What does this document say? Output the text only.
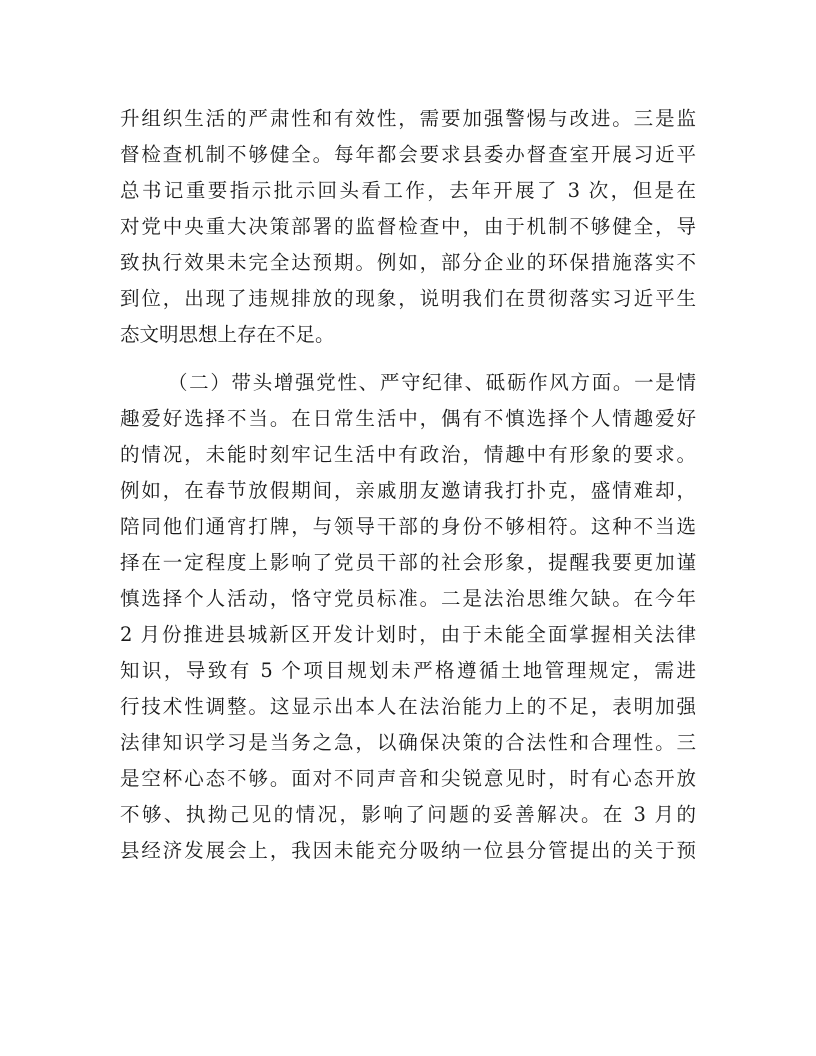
升组织生活的严肃性和有效性，需要加强警惕与改进。三是监
督检查机制不够健全。每年都会要求县委办督查室开展习近平
总书记重要指示批示回头看工作，去年开展了 3 次，但是在
对党中央重大决策部署的监督检查中，由于机制不够健全，导
致执行效果未完全达预期。例如，部分企业的环保措施落实不
到位，出现了违规排放的现象，说明我们在贯彻落实习近平生
态文明思想上存在不足。
（二）带头增强党性、严守纪律、砥砺作风方面。一是情
趣爱好选择不当。在日常生活中，偶有不慎选择个人情趣爱好
的情况，未能时刻牢记生活中有政治，情趣中有形象的要求。
例如，在春节放假期间，亲戚朋友邀请我打扑克，盛情难却，
陪同他们通宵打牌，与领导干部的身份不够相符。这种不当选
择在一定程度上影响了党员干部的社会形象，提醒我要更加谨
慎选择个人活动，恪守党员标准。二是法治思维欠缺。在今年
2 月份推进县城新区开发计划时，由于未能全面掌握相关法律
知识，导致有 5 个项目规划未严格遵循土地管理规定，需进
行技术性调整。这显示出本人在法治能力上的不足，表明加强
法律知识学习是当务之急，以确保决策的合法性和合理性。三
是空杯心态不够。面对不同声音和尖锐意见时，时有心态开放
不够、执拗己见的情况，影响了问题的妥善解决。在 3 月的
县经济发展会上，我因未能充分吸纳一位县分管提出的关于预
